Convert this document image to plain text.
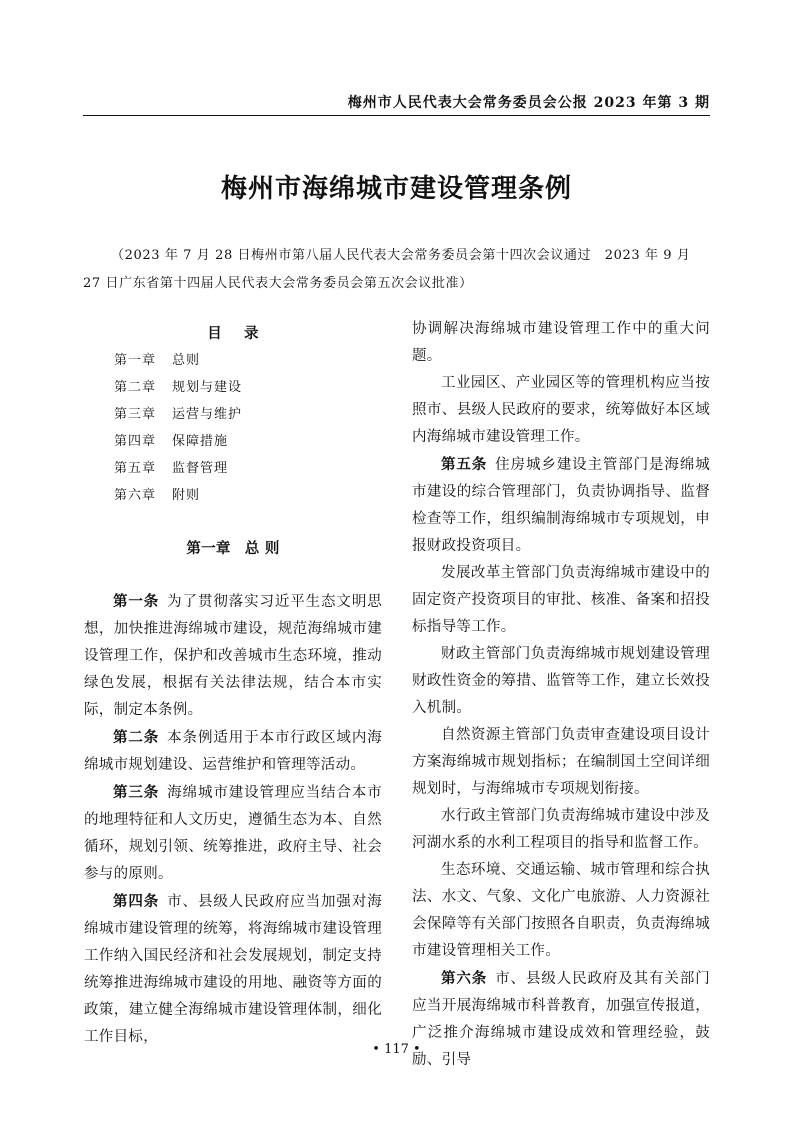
梅州市人民代表大会常务委员会公报 2023 年第 3 期
梅州市海绵城市建设管理条例

（2023 年 7 月 28 日梅州市第八届人民代表大会常务委员会第十四次会议通过　2023 年 9 月 27 日广东省第十四届人民代表大会常务委员会第五次会议批准）

目 录
第一章 总则
第二章 规划与建设
第三章 运营与维护
第四章 保障措施
第五章 监督管理
第六章 附则
第一章 总 则

第一条 为了贯彻落实习近平生态文明思想，加快推进海绵城市建设，规范海绵城市建设管理工作，保护和改善城市生态环境，推动绿色发展，根据有关法律法规，结合本市实际，制定本条例。

第二条 本条例适用于本市行政区域内海绵城市规划建设、运营维护和管理等活动。

第三条 海绵城市建设管理应当结合本市的地理特征和人文历史，遵循生态为本、自然循环，规划引领、统筹推进，政府主导、社会参与的原则。

第四条 市、县级人民政府应当加强对海绵城市建设管理的统筹，将海绵城市建设管理工作纳入国民经济和社会发展规划，制定支持统筹推进海绵城市建设的用地、融资等方面的政策，建立健全海绵城市建设管理体制，细化工作目标，

协调解决海绵城市建设管理工作中的重大问题。

工业园区、产业园区等的管理机构应当按照市、县级人民政府的要求，统筹做好本区域内海绵城市建设管理工作。

第五条 住房城乡建设主管部门是海绵城市建设的综合管理部门，负责协调指导、监督检查等工作，组织编制海绵城市专项规划，申报财政投资项目。

发展改革主管部门负责海绵城市建设中的固定资产投资项目的审批、核准、备案和招投标指导等工作。

财政主管部门负责海绵城市规划建设管理财政性资金的筹措、监管等工作，建立长效投入机制。

自然资源主管部门负责审查建设项目设计方案海绵城市规划指标；在编制国土空间详细规划时，与海绵城市专项规划衔接。

水行政主管部门负责海绵城市建设中涉及河湖水系的水利工程项目的指导和监督工作。

生态环境、交通运输、城市管理和综合执法、水文、气象、文化广电旅游、人力资源社会保障等有关部门按照各自职责，负责海绵城市建设管理相关工作。

第六条 市、县级人民政府及其有关部门应当开展海绵城市科普教育，加强宣传报道，广泛推介海绵城市建设成效和管理经验，鼓励、引导

• 117 •
